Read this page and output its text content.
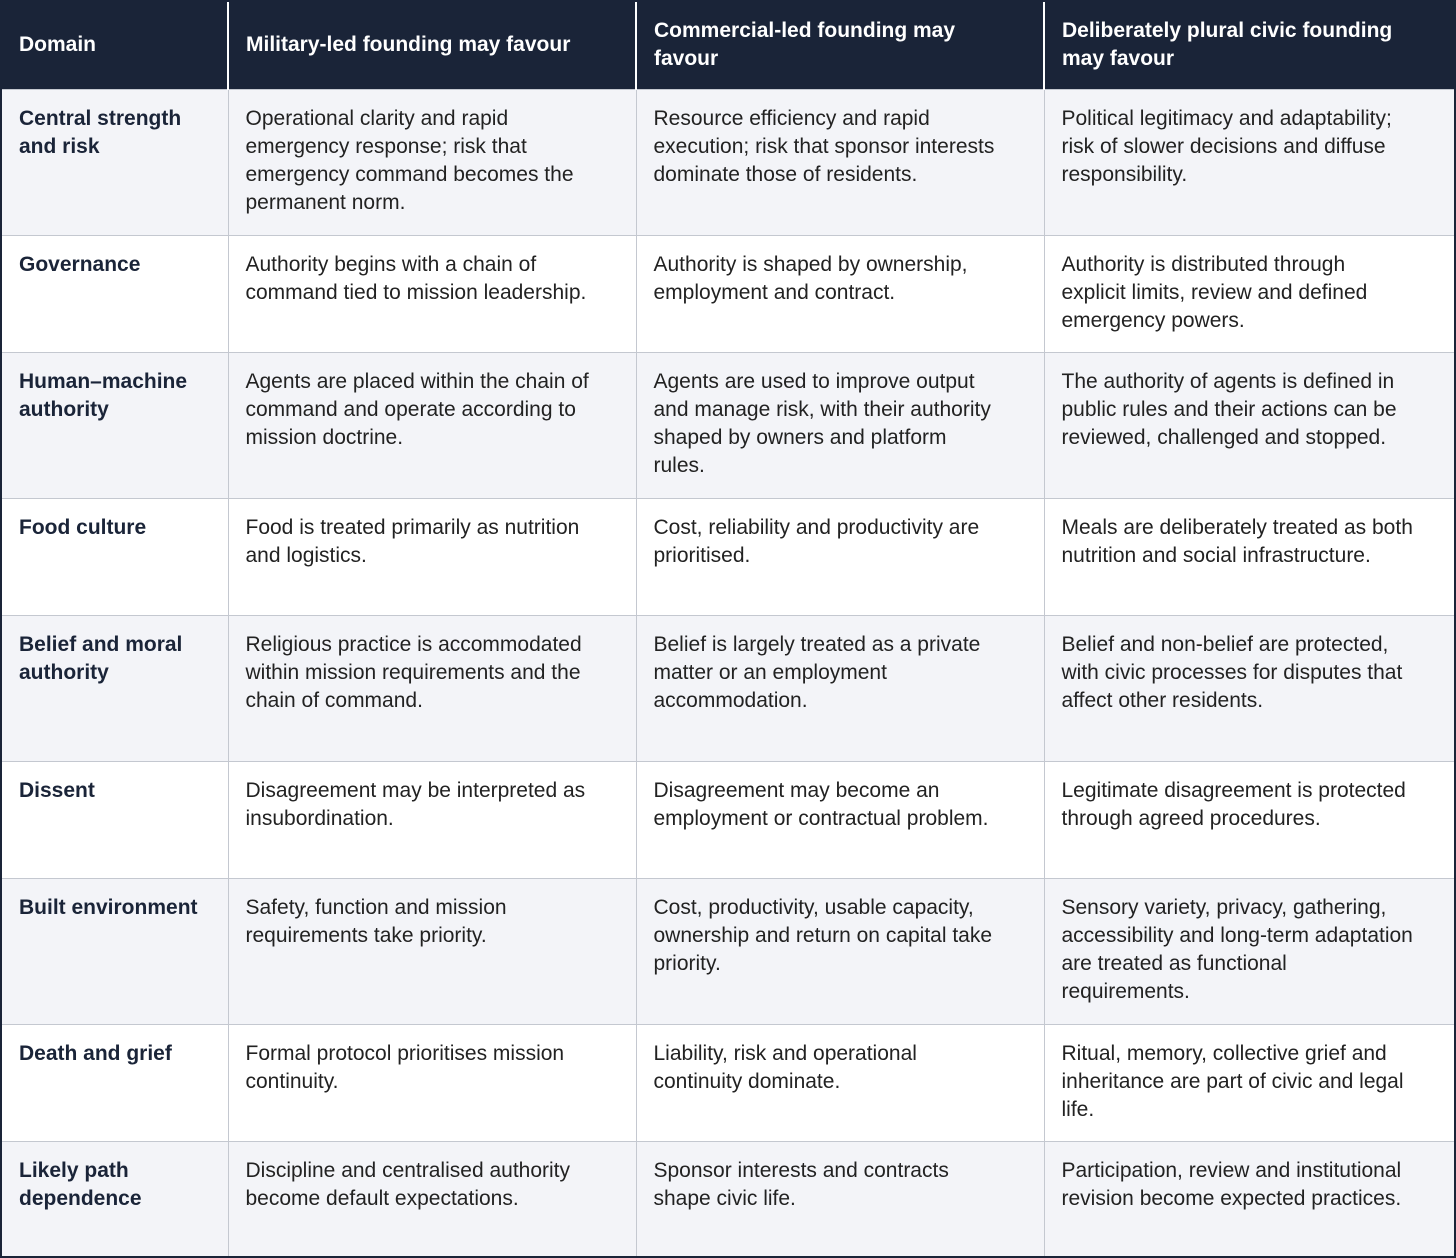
Domain	Military-led founding may favour	Commercial-led founding may favour	Deliberately plural civic founding may favour
Central strength and risk	Operational clarity and rapid emergency response; risk that emergency command becomes the permanent norm.	Resource efficiency and rapid execution; risk that sponsor interests dominate those of residents.	Political legitimacy and adaptability; risk of slower decisions and diffuse responsibility.
Governance	Authority begins with a chain of command tied to mission leadership.	Authority is shaped by ownership, employment and contract.	Authority is distributed through explicit limits, review and defined emergency powers.
Human–machine authority	Agents are placed within the chain of command and operate according to mission doctrine.	Agents are used to improve output and manage risk, with their authority shaped by owners and platform rules.	The authority of agents is defined in public rules and their actions can be reviewed, challenged and stopped.
Food culture	Food is treated primarily as nutrition and logistics.	Cost, reliability and productivity are prioritised.	Meals are deliberately treated as both nutrition and social infrastructure.
Belief and moral authority	Religious practice is accommodated within mission requirements and the chain of command.	Belief is largely treated as a private matter or an employment accommodation.	Belief and non-belief are protected, with civic processes for disputes that affect other residents.
Dissent	Disagreement may be interpreted as insubordination.	Disagreement may become an employment or contractual problem.	Legitimate disagreement is protected through agreed procedures.
Built environment	Safety, function and mission requirements take priority.	Cost, productivity, usable capacity, ownership and return on capital take priority.	Sensory variety, privacy, gathering, accessibility and long-term adaptation are treated as functional requirements.
Death and grief	Formal protocol prioritises mission continuity.	Liability, risk and operational continuity dominate.	Ritual, memory, collective grief and inheritance are part of civic and legal life.
Likely path dependence	Discipline and centralised authority become default expectations.	Sponsor interests and contracts shape civic life.	Participation, review and institutional revision become expected practices.
